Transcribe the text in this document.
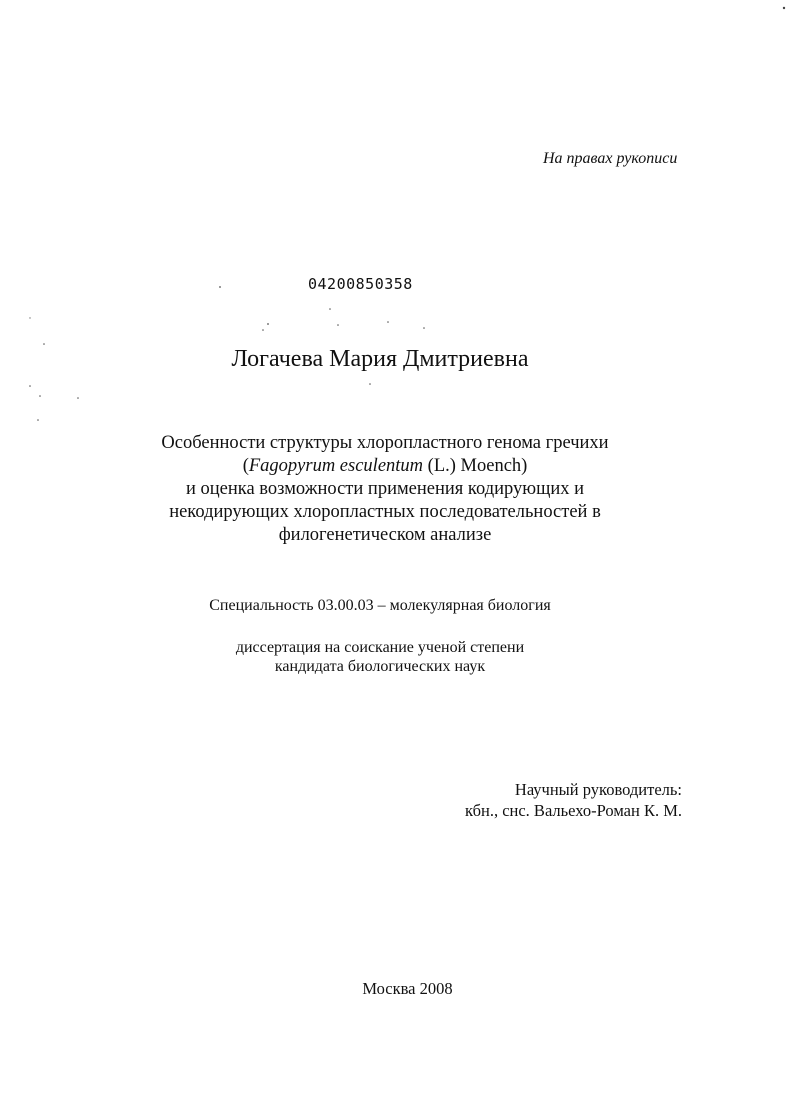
На правах рукописи
04200850358
Логачева Мария Дмитриевна
Особенности структуры хлоропластного генома гречихи
(Fagopyrum esculentum (L.) Moench)
и оценка возможности применения кодирующих и
некодирующих хлоропластных последовательностей в
филогенетическом анализе
Специальность 03.00.03 – молекулярная биология
диссертация на соискание ученой степени
кандидата биологических наук
Научный руководитель:
кбн., снс. Вальехо-Роман К. М.
Москва 2008
